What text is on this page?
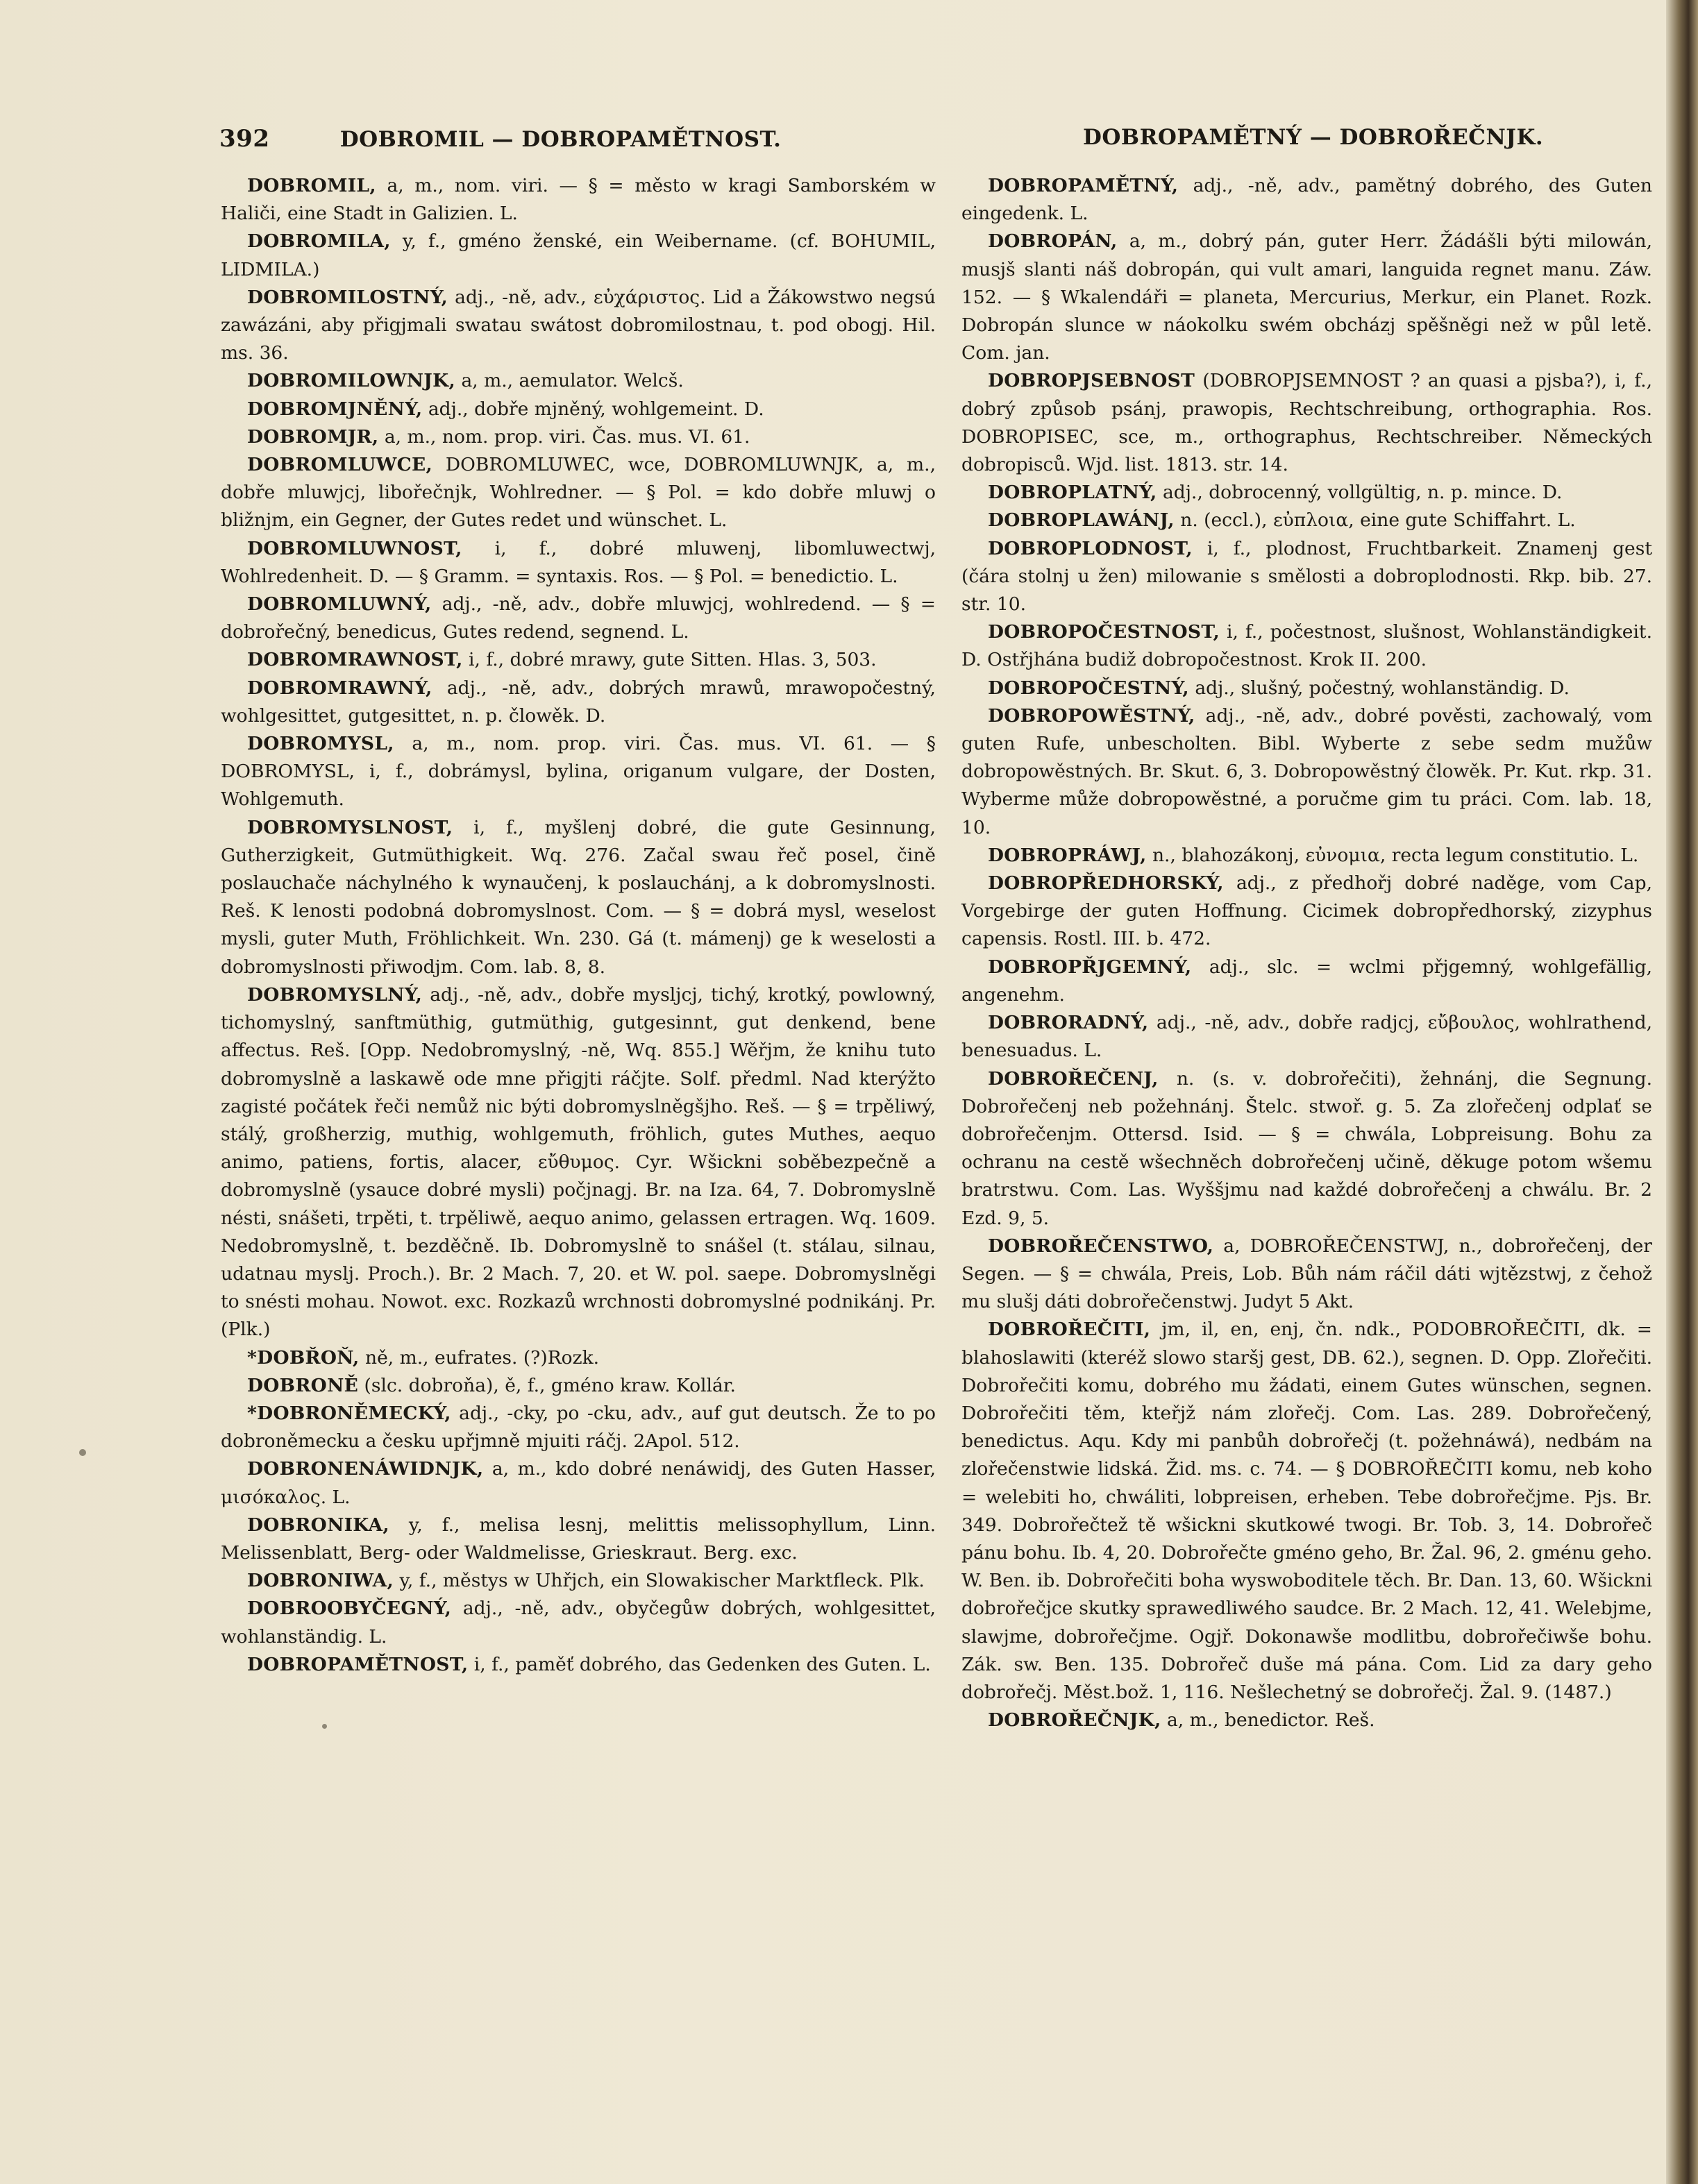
392	DOBROMIL — DOBROPAMĚTNOST.	DOBROPAMĚTNÝ — DOBROŘEČNJK.

DOBROMIL, a, m., nom. viri. — § = město w kragi Samborském w Haliči, eine Stadt in Galizien. L.

DOBROMILA, y, f., gméno ženské, ein Weibername. (cf. BOHUMIL, LIDMILA.)

DOBROMILOSTNÝ, adj., -ně, adv., εὐχάριστος. Lid a Žákowstwo negsú zawázáni, aby přigjmali swatau swátost dobromilostnau, t. pod obogj. Hil. ms. 36.

DOBROMILOWNJK, a, m., aemulator. Welcš.

DOBROMJNĚNÝ, adj., dobře mjněný, wohlgemeint. D.

DOBROMJR, a, m., nom. prop. viri. Čas. mus. VI. 61.

DOBROMLUWCE, DOBROMLUWEC, wce, DOBROMLUWNJK, a, m., dobře mluwjcj, libořečnjk, Wohlredner. — § Pol. = kdo dobře mluwj o bližnjm, ein Gegner, der Gutes redet und wünschet. L.

DOBROMLUWNOST, i, f., dobré mluwenj, libomluwectwj, Wohlredenheit. D. — § Gramm. = syntaxis. Ros. — § Pol. = benedictio. L.

DOBROMLUWNÝ, adj., -ně, adv., dobře mluwjcj, wohlredend. — § = dobrořečný, benedicus, Gutes redend, segnend. L.

DOBROMRAWNOST, i, f., dobré mrawy, gute Sitten. Hlas. 3, 503.

DOBROMRAWNÝ, adj., -ně, adv., dobrých mrawů, mrawopočestný, wohlgesittet, gutgesittet, n. p. člowěk. D.

DOBROMYSL, a, m., nom. prop. viri. Čas. mus. VI. 61. — § DOBROMYSL, i, f., dobrámysl, bylina, origanum vulgare, der Dosten, Wohlgemuth.

DOBROMYSLNOST, i, f., myšlenj dobré, die gute Gesinnung, Gutherzigkeit, Gutmüthigkeit. Wq. 276. Začal swau řeč posel, čině poslauchače náchylného k wynaučenj, k poslauchánj, a k dobromyslnosti. Reš. K lenosti podobná dobromyslnost. Com. — § = dobrá mysl, weselost mysli, guter Muth, Fröhlichkeit. Wn. 230. Gá (t. mámenj) ge k weselosti a dobromyslnosti přiwodjm. Com. lab. 8, 8.

DOBROMYSLNÝ, adj., -ně, adv., dobře mysljcj, tichý, krotký, powlowný, tichomyslný, sanftmüthig, gutmüthig, gutgesinnt, gut denkend, bene affectus. Reš. [Opp. Nedobromyslný, -ně, Wq. 855.] Wěřjm, že knihu tuto dobromyslně a laskawě ode mne přigjti ráčjte. Solf. předml. Nad kterýžto zagisté počátek řeči nemůž nic býti dobromyslněgšjho. Reš. — § = trpěliwý, stálý, großherzig, muthig, wohlgemuth, fröhlich, gutes Muthes, aequo animo, patiens, fortis, alacer, εὔθυμος. Cyr. Wšickni soběbezpečně a dobromyslně (ysauce dobré mysli) počjnagj. Br. na Iza. 64, 7. Dobromyslně nésti, snášeti, trpěti, t. trpěliwě, aequo animo, gelassen ertragen. Wq. 1609. Nedobromyslně, t. bezděčně. Ib. Dobromyslně to snášel (t. stálau, silnau, udatnau myslj. Proch.). Br. 2 Mach. 7, 20. et W. pol. saepe. Dobromyslněgi to snésti mohau. Nowot. exc. Rozkazů wrchnosti dobromyslné podnikánj. Pr. (Plk.)

*DOBŘOŇ, ně, m., eufrates. (?)Rozk.

DOBRONĚ (slc. dobroňa), ě, f., gméno kraw. Kollár.

*DOBRONĚMECKÝ, adj., -cky, po -cku, adv., auf gut deutsch. Že to po dobroněmecku a česku upřjmně mjuiti ráčj. 2Apol. 512.

DOBRONENÁWIDNJK, a, m., kdo dobré nenáwidj, des Guten Hasser, μισόκαλος. L.

DOBRONIKA, y, f., melisa lesnj, melittis melissophyllum, Linn. Melissenblatt, Berg- oder Waldmelisse, Grieskraut. Berg. exc.

DOBRONIWA, y, f., městys w Uhřjch, ein Slowakischer Marktfleck. Plk.

DOBROOBYČEGNÝ, adj., -ně, adv., obyčegůw dobrých, wohlgesittet, wohlanständig. L.

DOBROPAMĚTNOST, i, f., paměť dobrého, das Gedenken des Guten. L.

DOBROPAMĚTNÝ, adj., -ně, adv., pamětný dobrého, des Guten eingedenk. L.

DOBROPÁN, a, m., dobrý pán, guter Herr. Žádášli býti milowán, musjš slanti náš dobropán, qui vult amari, languida regnet manu. Záw. 152. — § Wkalendáři = planeta, Mercurius, Merkur, ein Planet. Rozk. Dobropán slunce w náokolku swém obcházj spěšněgi než w půl letě. Com. jan.

DOBROPJSEBNOST (DOBROPJSEMNOST ? an quasi a pjsba?), i, f., dobrý způsob psánj, prawopis, Rechtschreibung, orthographia. Ros. DOBROPISEC, sce, m., orthographus, Rechtschreiber. Německých dobropisců. Wjd. list. 1813. str. 14.

DOBROPLATNÝ, adj., dobrocenný, vollgültig, n. p. mince. D.

DOBROPLAWÁNJ, n. (eccl.), εὐπλοια, eine gute Schiffahrt. L.

DOBROPLODNOST, i, f., plodnost, Fruchtbarkeit. Znamenj gest (čára stolnj u žen) milowanie s smělosti a dobroplodnosti. Rkp. bib. 27. str. 10.

DOBROPOČESTNOST, i, f., počestnost, slušnost, Wohlanständigkeit. D. Ostřjhána budiž dobropočestnost. Krok II. 200.

DOBROPOČESTNÝ, adj., slušný, počestný, wohlanständig. D.

DOBROPOWĚSTNÝ, adj., -ně, adv., dobré pověsti, zachowalý, vom guten Rufe, unbescholten. Bibl. Wyberte z sebe sedm mužůw dobropowěstných. Br. Skut. 6, 3. Dobropowěstný člowěk. Pr. Kut. rkp. 31. Wyberme může dobropowěstné, a poručme gim tu práci. Com. lab. 18, 10.

DOBROPRÁWJ, n., blahozákonj, εὐνομια, recta legum constitutio. L.

DOBROPŘEDHORSKÝ, adj., z předhořj dobré naděge, vom Cap, Vorgebirge der guten Hoffnung. Cicimek dobropředhorský, zizyphus capensis. Rostl. III. b. 472.

DOBROPŘJGEMNÝ, adj., slc. = wclmi přjgemný, wohlgefällig, angenehm.

DOBRORADNÝ, adj., -ně, adv., dobře radjcj, εὔβουλος, wohlrathend, benesuadus. L.

DOBROŘEČENJ, n. (s. v. dobrořečiti), žehnánj, die Segnung. Dobrořečenj neb požehnánj. Štelc. stwoř. g. 5. Za zlořečenj odplať se dobrořečenjm. Ottersd. Isid. — § = chwála, Lobpreisung. Bohu za ochranu na cestě wšechněch dobrořečenj učině, děkuge potom wšemu bratrstwu. Com. Las. Wyššjmu nad každé dobrořečenj a chwálu. Br. 2 Ezd. 9, 5.

DOBROŘEČENSTWO, a, DOBROŘEČENSTWJ, n., dobrořečenj, der Segen. — § = chwála, Preis, Lob. Bůh nám ráčil dáti wjtězstwj, z čehož mu slušj dáti dobrořečenstwj. Judyt 5 Akt.

DOBROŘEČITI, jm, il, en, enj, čn. ndk., PODOBROŘEČITI, dk. = blahoslawiti (kteréž slowo staršj gest, DB. 62.), segnen. D. Opp. Zlořečiti. Dobrořečiti komu, dobrého mu žádati, einem Gutes wünschen, segnen. Dobrořečiti těm, kteřjž nám zlořečj. Com. Las. 289. Dobrořečený, benedictus. Aqu. Kdy mi panbůh dobrořečj (t. požehnáwá), nedbám na zlořečenstwie lidská. Žid. ms. c. 74. — § DOBROŘEČITI komu, neb koho = welebiti ho, chwáliti, lobpreisen, erheben. Tebe dobrořečjme. Pjs. Br. 349. Dobrořečtež tě wšickni skutkowé twogi. Br. Tob. 3, 14. Dobrořeč pánu bohu. Ib. 4, 20. Dobrořečte gméno geho, Br. Žal. 96, 2. gménu geho. W. Ben. ib. Dobrořečiti boha wyswoboditele těch. Br. Dan. 13, 60. Wšickni dobrořečjce skutky sprawedliwého saudce. Br. 2 Mach. 12, 41. Welebjme, slawjme, dobrořečjme. Ogjř. Dokonawše modlitbu, dobrořečiwše bohu. Zák. sw. Ben. 135. Dobrořeč duše má pána. Com. Lid za dary geho dobrořečj. Měst.bož. 1, 116. Nešlechetný se dobrořečj. Žal. 9. (1487.)

DOBROŘEČNJK, a, m., benedictor. Reš.
